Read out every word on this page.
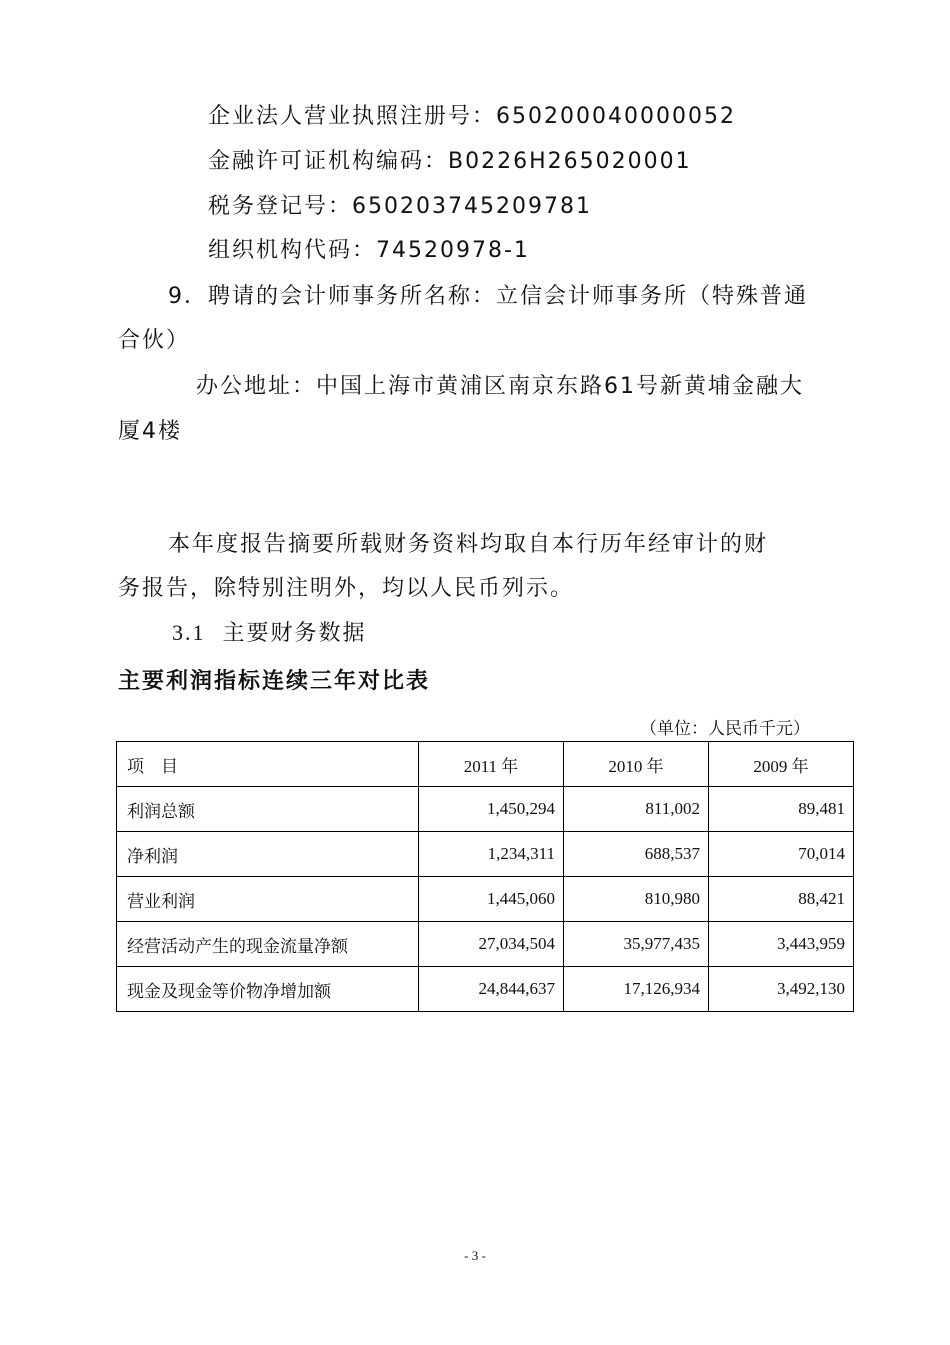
企业法人营业执照注册号：650200040000052
金融许可证机构编码：B0226H265020001
税务登记号：650203745209781
组织机构代码：74520978-1
9．聘请的会计师事务所名称：立信会计师事务所（特殊普通
合伙）
办公地址：中国上海市黄浦区南京东路61号新黄埔金融大
厦4楼
本年度报告摘要所载财务资料均取自本行历年经审计的财
务报告，除特别注明外，均以人民币列示。
3.1 主要财务数据
主要利润指标连续三年对比表
（单位：人民币千元）
项　目	2011 年	2010 年	2009 年
利润总额	1,450,294	811,002	89,481
净利润	1,234,311	688,537	70,014
营业利润	1,445,060	810,980	88,421
经营活动产生的现金流量净额	27,034,504	35,977,435	3,443,959
现金及现金等价物净增加额	24,844,637	17,126,934	3,492,130
- 3 -
